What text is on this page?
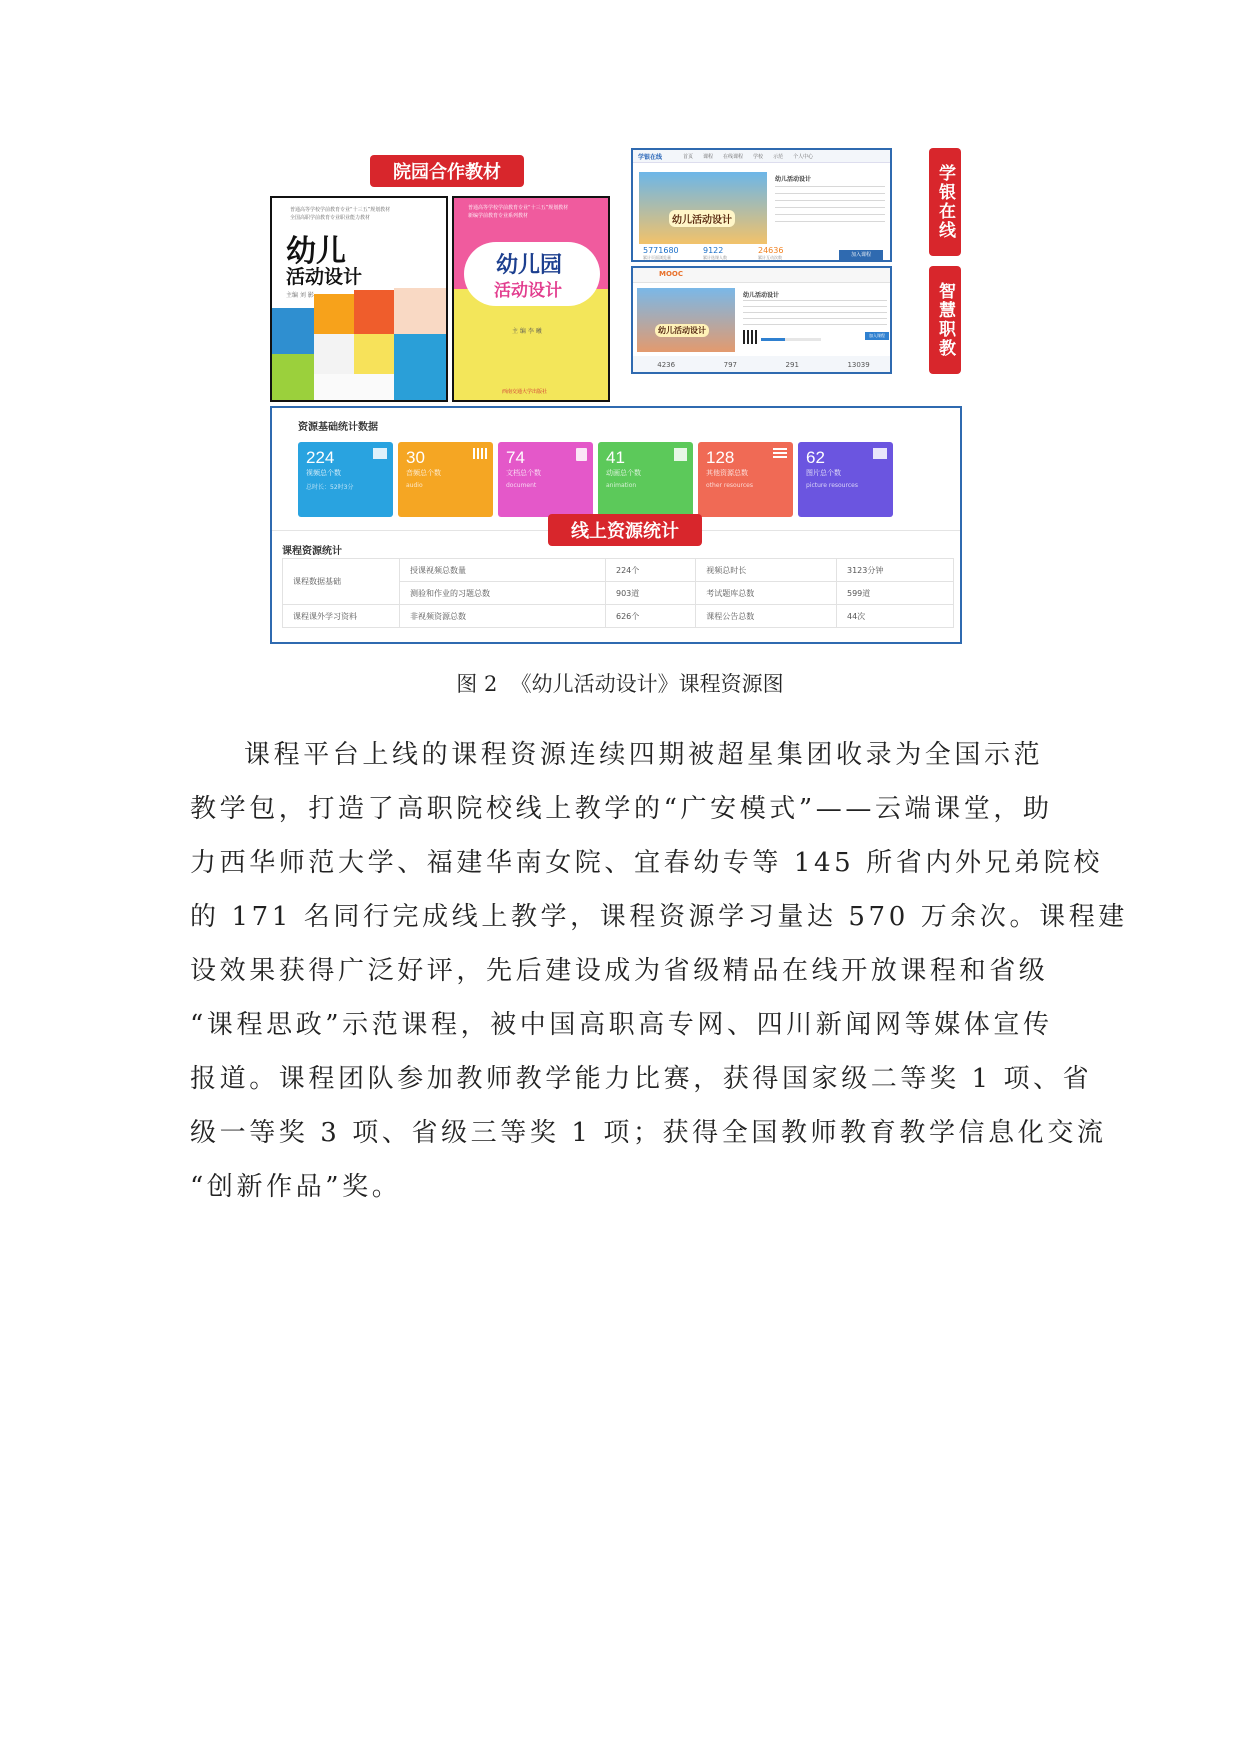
院园合作教材
普通高等学校学前教育专业“十三五”规划教材
全国高职学前教育专业职业能力教材
幼儿
活动设计
主编 刘 影
普通高等学校学前教育专业“十三五”规划教材
新编学前教育专业系列教材
幼儿园
活动设计
主 编 李 曦
西南交通大学出版社
学银在线	首页 课程 在线课程 学校 示范 个人中心
幼儿活动设计
幼儿活动设计
加入课程
5771680
累计页面浏览量
9122
累计选课人数
24636
累计互动次数
学银在线
MOOC
幼儿活动设计
幼儿活动设计
加入课程
4236	797	291	13039
智慧职教
资源基础统计数据
224
视频总个数
总时长：52时3分
30
音频总个数
audio
74
文档总个数
document
41
动画总个数
animation
128
其他资源总数
other resources
62
图片总个数
picture resources
课程资源统计
课程数据基础	授课视频总数量	224个	视频总时长	3123分钟
	测验和作业的习题总数	903道	考试题库总数	599道
课程课外学习资料	非视频资源总数	626个	课程公告总数	44次
线上资源统计
图 2  《幼儿活动设计》课程资源图
课程平台上线的课程资源连续四期被超星集团收录为全国示范
教学包，打造了高职院校线上教学的“广安模式”——云端课堂，助
力西华师范大学、福建华南女院、宜春幼专等 145 所省内外兄弟院校
的 171 名同行完成线上教学，课程资源学习量达 570 万余次。课程建
设效果获得广泛好评，先后建设成为省级精品在线开放课程和省级
“课程思政”示范课程，被中国高职高专网、四川新闻网等媒体宣传
报道。课程团队参加教师教学能力比赛，获得国家级二等奖 1 项、省
级一等奖 3 项、省级三等奖 1 项；获得全国教师教育教学信息化交流
“创新作品”奖。
